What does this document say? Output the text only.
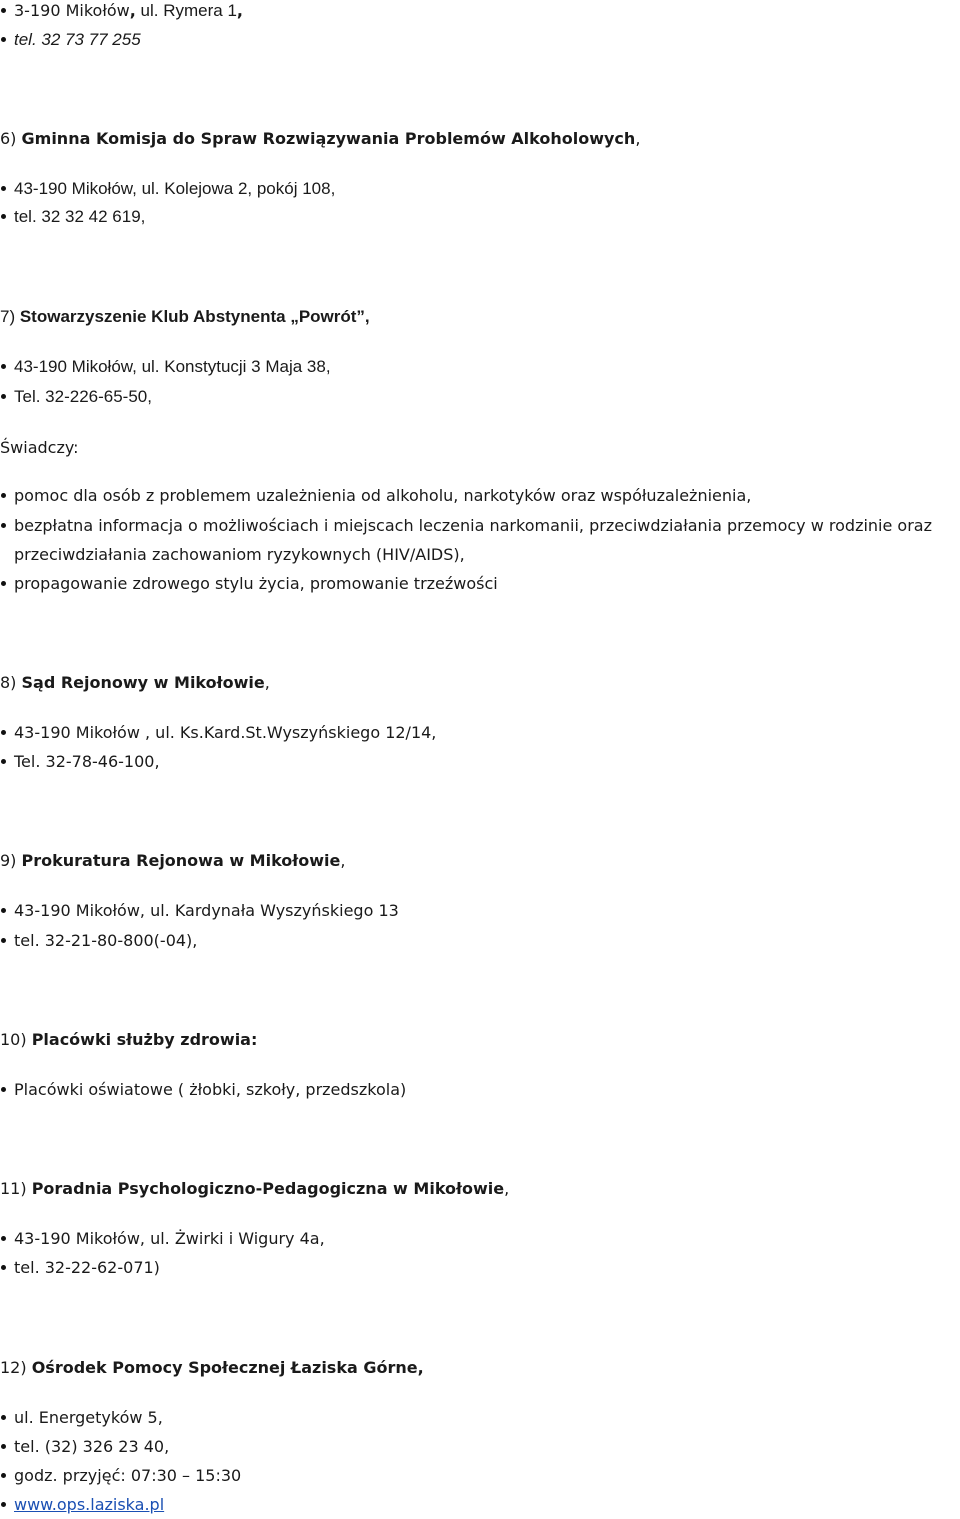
3-190 Mikołów, ul. Rymera 1,
tel. 32 73 77 255
6) Gminna Komisja do Spraw Rozwiązywania Problemów Alkoholowych,
43-190 Mikołów, ul. Kolejowa 2, pokój 108,
tel. 32 32 42 619,
7) Stowarzyszenie Klub Abstynenta „Powrót”,
43-190 Mikołów, ul. Konstytucji 3 Maja 38,
Tel. 32-226-65-50,
Świadczy:
pomoc dla osób z problemem uzależnienia od alkoholu, narkotyków oraz współuzależnienia,
bezpłatna informacja o możliwościach i miejscach leczenia narkomanii, przeciwdziałania przemocy w rodzinie oraz
przeciwdziałania zachowaniom ryzykownych (HIV/AIDS),
propagowanie zdrowego stylu życia, promowanie trzeźwości
8) Sąd Rejonowy w Mikołowie,
43-190 Mikołów , ul. Ks.Kard.St.Wyszyńskiego 12/14,
Tel. 32-78-46-100,
9) Prokuratura Rejonowa w Mikołowie,
43-190 Mikołów, ul. Kardynała Wyszyńskiego 13
tel. 32-21-80-800(-04),
10) Placówki służby zdrowia:
Placówki oświatowe ( żłobki, szkoły, przedszkola)
11) Poradnia Psychologiczno-Pedagogiczna w Mikołowie,
43-190 Mikołów, ul. Żwirki i Wigury 4a,
tel. 32-22-62-071)
12) Ośrodek Pomocy Społecznej Łaziska Górne,
ul. Energetyków 5,
tel. (32) 326 23 40,
godz. przyjęć: 07:30 – 15:30
www.ops.laziska.pl
